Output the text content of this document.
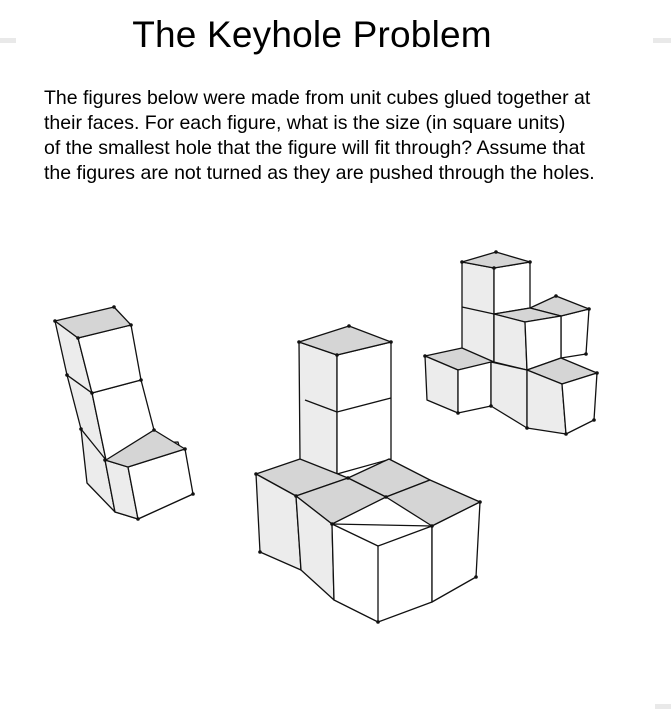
The Keyhole Problem
The figures below were made from unit cubes glued together at
their faces. For each figure, what is the size (in square units)
of the smallest hole that the figure will fit through? Assume that
the figures are not turned as they are pushed through the holes.
